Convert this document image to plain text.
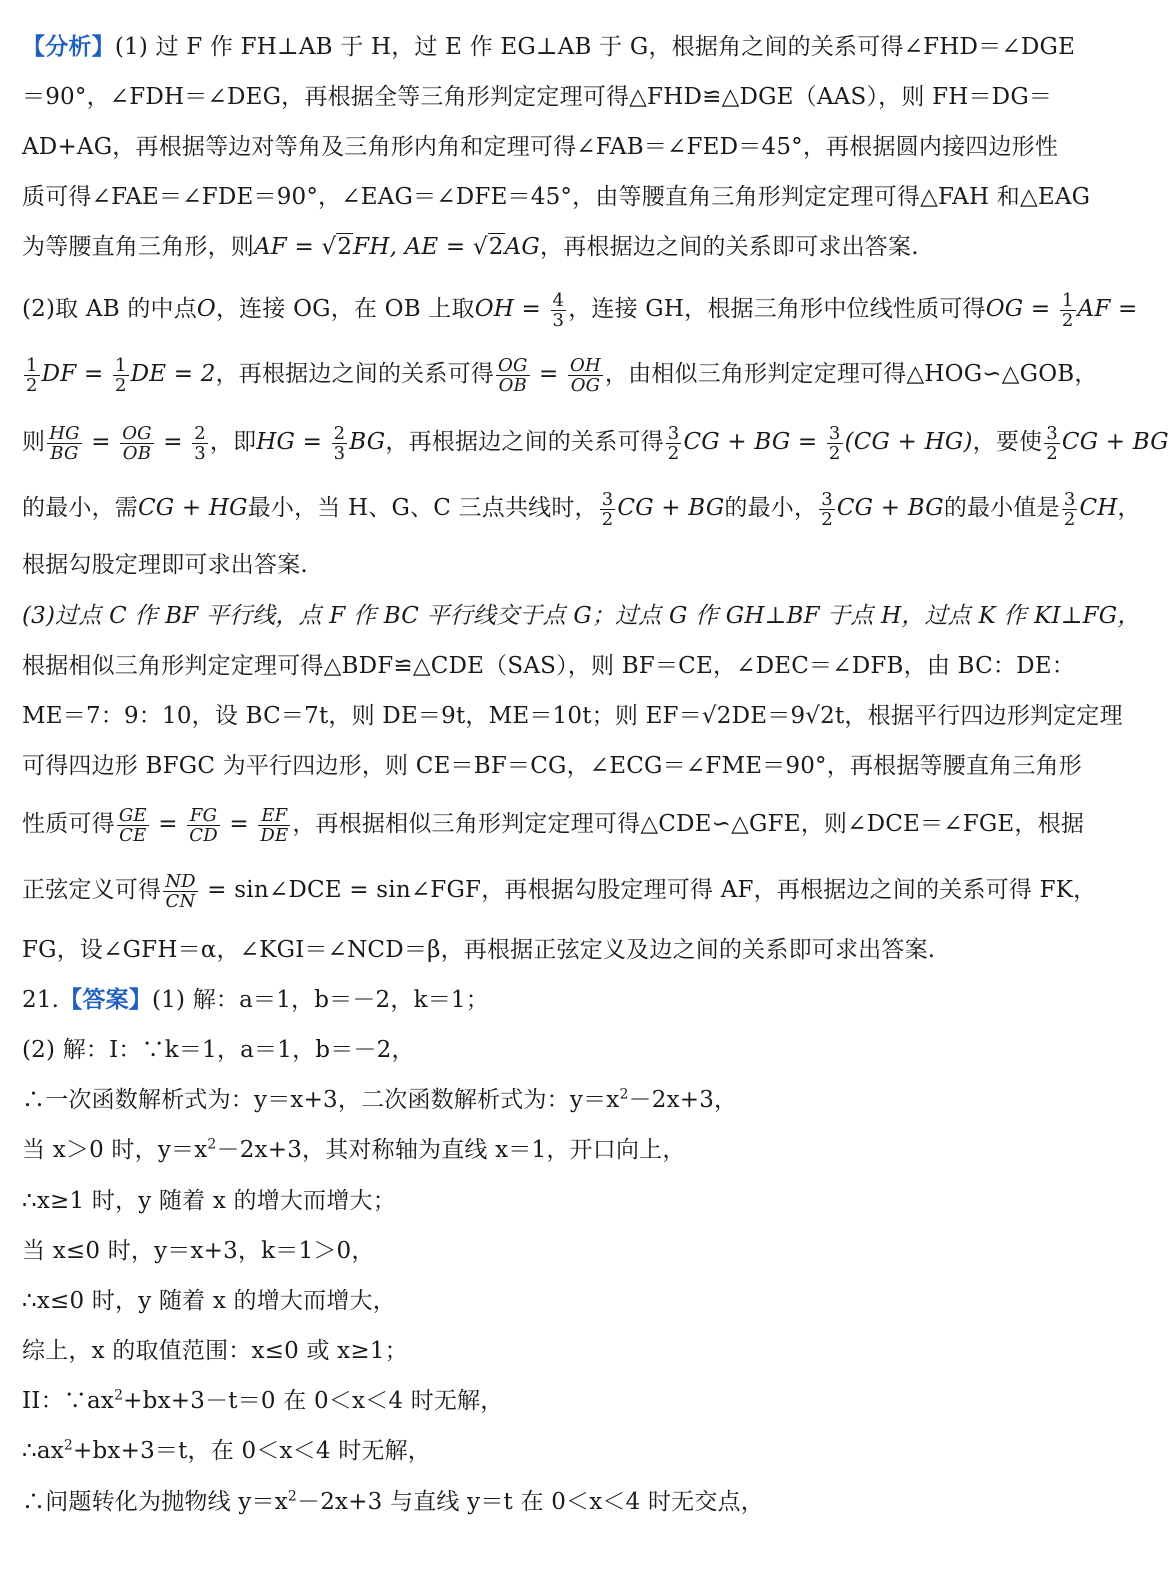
【分析】(1) 过 F 作 FH⊥AB 于 H，过 E 作 EG⊥AB 于 G，根据角之间的关系可得∠FHD＝∠DGE
＝90°，∠FDH＝∠DEG，再根据全等三角形判定定理可得△FHD≌△DGE（AAS），则 FH＝DG＝
AD+AG，再根据等边对等角及三角形内角和定理可得∠FAB＝∠FED＝45°，再根据圆内接四边形性
质可得∠FAE＝∠FDE＝90°，∠EAG＝∠DFE＝45°，由等腰直角三角形判定定理可得△FAH 和△EAG
为等腰直角三角形，则AF = √2FH, AE = √2AG，再根据边之间的关系即可求出答案.
(2)取 AB 的中点O，连接 OG，在 OB 上取OH = $\frac{4}{3}$ ，连接 GH，根据三角形中位线性质可得OG = $\frac{1}{2}$ AF =
$\frac{1}{2}$ DF = $\frac{1}{2}$ DE = 2，再根据边之间的关系可得 $\frac{OG}{OB} = \frac{OH}{OG}$ ，由相似三角形判定定理可得△HOG∽△GOB，
则 $\frac{HG}{BG} = \frac{OG}{OB} = \frac{2}{3}$ ，即HG = $\frac{2}{3}$ BG，再根据边之间的关系可得 $\frac{3}{2}$ CG + BG = $\frac{3}{2} (CG + HG)$，要使 $\frac{3}{2}$ CG + BG
的最小，需CG + HG最小，当 H、G、C 三点共线时， $\frac{3}{2}$ CG + BG的最小， $\frac{3}{2}$ CG + BG的最小值是 $\frac{3}{2}$ CH，
根据勾股定理即可求出答案.
(3)过点 C 作 BF 平行线，点 F 作 BC 平行线交于点 G；过点 G 作 GH⊥BF 于点 H，过点 K 作 KI⊥FG，
根据相似三角形判定定理可得△BDF≌△CDE（SAS），则 BF＝CE，∠DEC＝∠DFB，由 BC：DE：
ME＝7：9：10，设 BC＝7t，则 DE＝9t，ME＝10t；则 EF＝√2DE＝9√2t，根据平行四边形判定定理
可得四边形 BFGC 为平行四边形，则 CE＝BF＝CG，∠ECG＝∠FME＝90°，再根据等腰直角三角形
性质可得 $\frac{GE}{CE} = \frac{FG}{CD} = \frac{EF}{DE}$ ，再根据相似三角形判定定理可得△CDE∽△GFE，则∠DCE＝∠FGE，根据
正弦定义可得 $\frac{ND}{CN}$ = sin∠DCE = sin∠FGF，再根据勾股定理可得 AF，再根据边之间的关系可得 FK，
FG，设∠GFH＝α，∠KGI＝∠NCD＝β，再根据正弦定义及边之间的关系即可求出答案.
21.【答案】(1) 解：a＝1，b＝－2，k＝1；
(2) 解：I：∵k＝1，a＝1，b＝－2，
∴一次函数解析式为：y＝x+3，二次函数解析式为：$y=x^2-2x+3$，
当 x＞0 时，$y=x^2-2x+3$，其对称轴为直线 x＝1，开口向上，
∴x≥1 时，y 随着 x 的增大而增大；
当 x≤0 时，y＝x+3，k＝1＞0，
∴x≤0 时，y 随着 x 的增大而增大，
综上，x 的取值范围：x≤0 或 x≥1；
II：$\because ax^2+bx+3-t=0$ 在 0＜x＜4 时无解，
$\therefore ax^2+bx+3=t$，在 0＜x＜4 时无解，
∴问题转化为抛物线 $y=x^2-2x+3$ 与直线 y＝t 在 0＜x＜4 时无交点，
